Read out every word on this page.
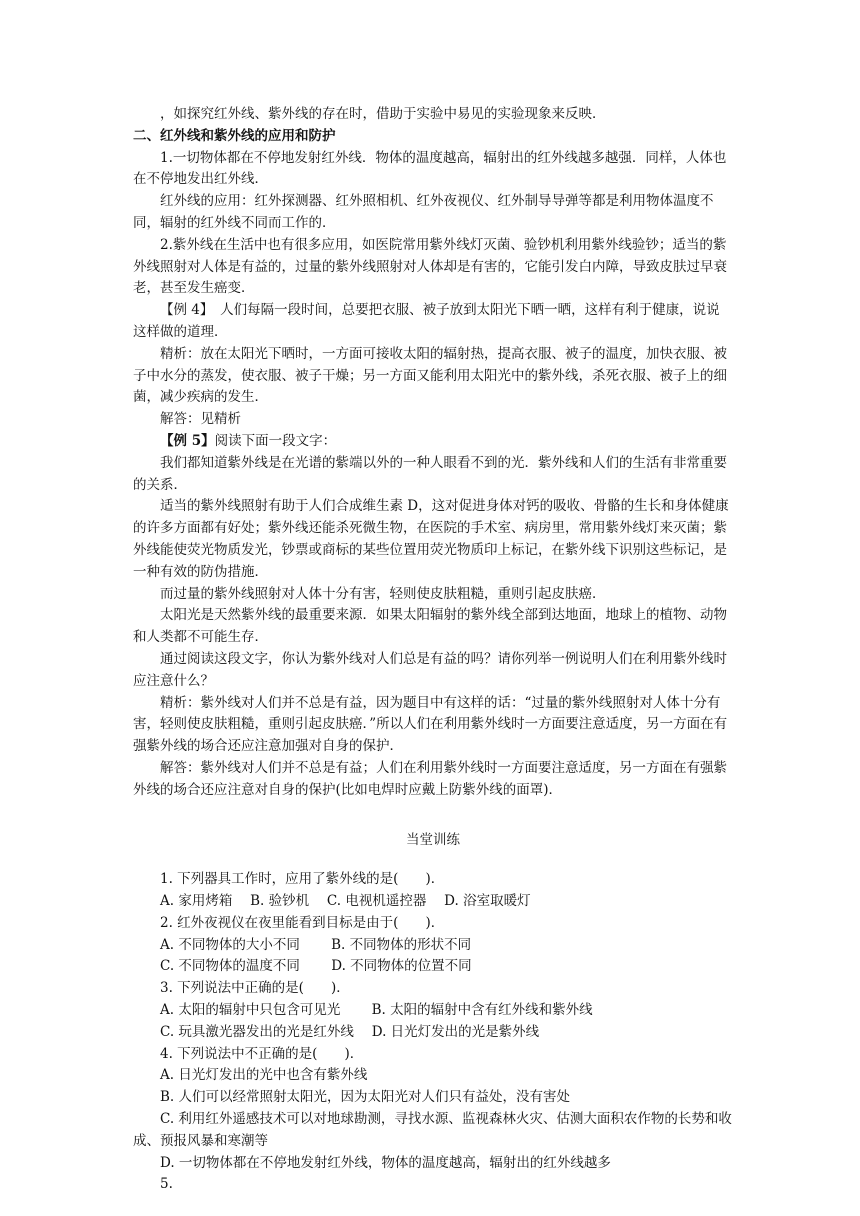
，如探究红外线、紫外线的存在时，借助于实验中易见的实验现象来反映．

二、红外线和紫外线的应用和防护

1.一切物体都在不停地发射红外线．物体的温度越高，辐射出的红外线越多越强．同样，人体也在不停地发出红外线．

红外线的应用：红外探测器、红外照相机、红外夜视仪、红外制导导弹等都是利用物体温度不同，辐射的红外线不同而工作的．

2.紫外线在生活中也有很多应用，如医院常用紫外线灯灭菌、验钞机利用紫外线验钞；适当的紫外线照射对人体是有益的，过量的紫外线照射对人体却是有害的，它能引发白内障，导致皮肤过早衰老，甚至发生癌变．

【例 4】　人们每隔一段时间，总要把衣服、被子放到太阳光下晒一晒，这样有利于健康，说说这样做的道理．

精析：放在太阳光下晒时，一方面可接收太阳的辐射热，提高衣服、被子的温度，加快衣服、被子中水分的蒸发，使衣服、被子干燥；另一方面又能利用太阳光中的紫外线，杀死衣服、被子上的细菌，减少疾病的发生．

解答：见精析

【例 5】阅读下面一段文字：

我们都知道紫外线是在光谱的紫端以外的一种人眼看不到的光．紫外线和人们的生活有非常重要的关系．

适当的紫外线照射有助于人们合成维生素 D，这对促进身体对钙的吸收、骨骼的生长和身体健康的许多方面都有好处；紫外线还能杀死微生物，在医院的手术室、病房里，常用紫外线灯来灭菌；紫外线能使荧光物质发光，钞票或商标的某些位置用荧光物质印上标记，在紫外线下识别这些标记，是一种有效的防伪措施．

而过量的紫外线照射对人体十分有害，轻则使皮肤粗糙，重则引起皮肤癌．

太阳光是天然紫外线的最重要来源．如果太阳辐射的紫外线全部到达地面，地球上的植物、动物和人类都不可能生存．

通过阅读这段文字，你认为紫外线对人们总是有益的吗？请你列举一例说明人们在利用紫外线时应注意什么？

精析：紫外线对人们并不总是有益，因为题目中有这样的话：“过量的紫外线照射对人体十分有害，轻则使皮肤粗糙，重则引起皮肤癌．”所以人们在利用紫外线时一方面要注意适度，另一方面在有强紫外线的场合还应注意加强对自身的保护．

解答：紫外线对人们并不总是有益；人们在利用紫外线时一方面要注意适度，另一方面在有强紫外线的场合还应注意对自身的保护(比如电焊时应戴上防紫外线的面罩)．

当堂训练

1. 下列器具工作时，应用了紫外线的是(　　)．

A. 家用烤箱　 B. 验钞机　 C. 电视机遥控器　 D. 浴室取暖灯

2. 红外夜视仪在夜里能看到目标是由于(　　)．

A. 不同物体的大小不同　　 B. 不同物体的形状不同

C. 不同物体的温度不同　　 D. 不同物体的位置不同

3. 下列说法中正确的是(　　)．

A. 太阳的辐射中只包含可见光　　 B. 太阳的辐射中含有红外线和紫外线

C. 玩具激光器发出的光是红外线　 D. 日光灯发出的光是紫外线

4. 下列说法中不正确的是(　　)．

A. 日光灯发出的光中也含有紫外线

B. 人们可以经常照射太阳光，因为太阳光对人们只有益处，没有害处

C. 利用红外遥感技术可以对地球勘测，寻找水源、监视森林火灾、估测大面积农作物的长势和收成、预报风暴和寒潮等

D. 一切物体都在不停地发射红外线，物体的温度越高，辐射出的红外线越多

5.
